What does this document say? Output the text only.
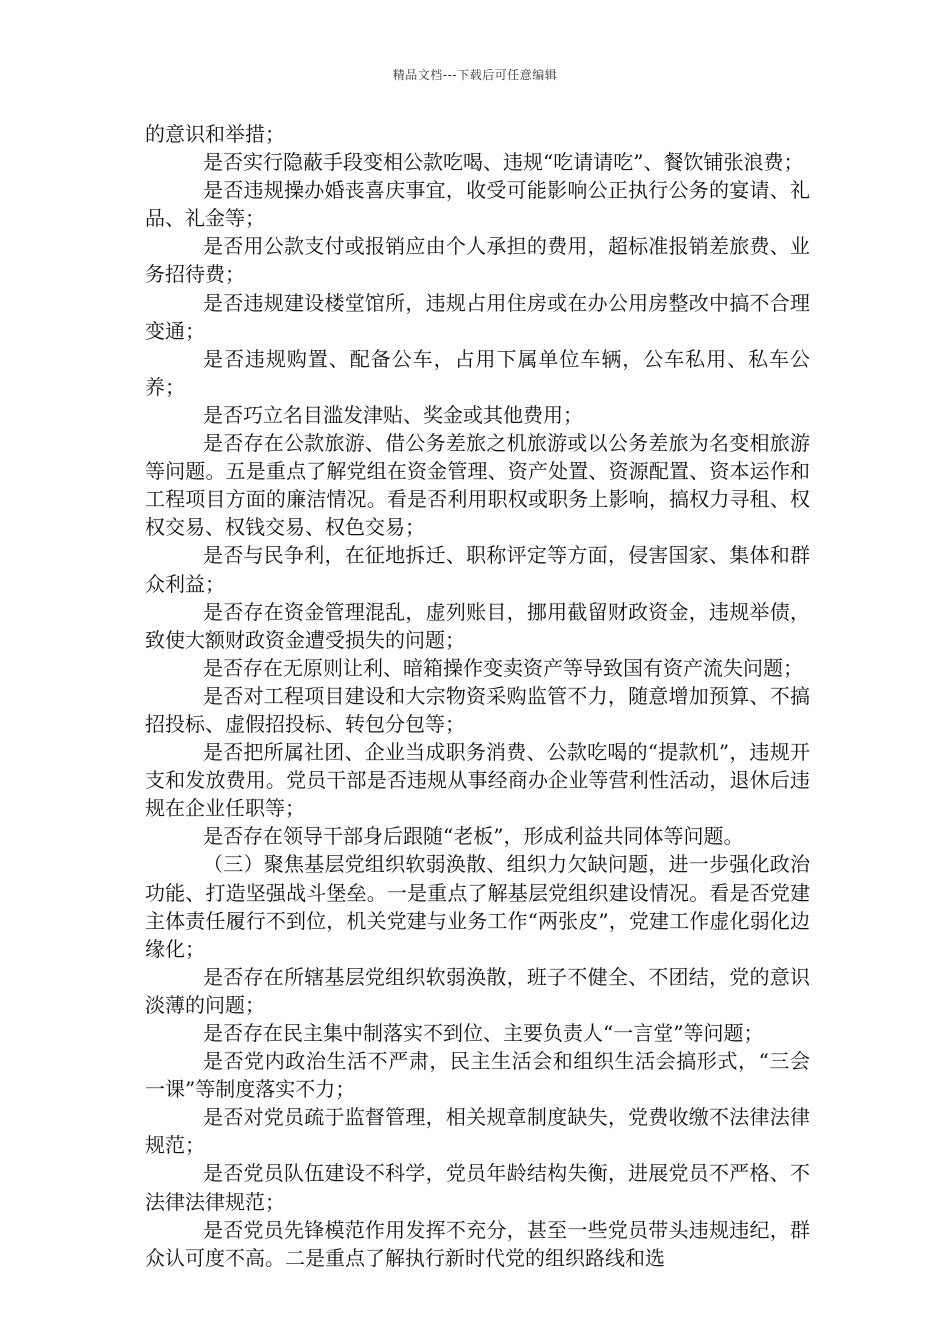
精品文档---下载后可任意编辑

的意识和举措；

是否实行隐蔽手段变相公款吃喝、违规“吃请请吃”、餐饮铺张浪费；

是否违规操办婚丧喜庆事宜，收受可能影响公正执行公务的宴请、礼品、礼金等；

是否用公款支付或报销应由个人承担的费用，超标准报销差旅费、业务招待费；

是否违规建设楼堂馆所，违规占用住房或在办公用房整改中搞不合理变通；

是否违规购置、配备公车，占用下属单位车辆，公车私用、私车公养；

是否巧立名目滥发津贴、奖金或其他费用；

是否存在公款旅游、借公务差旅之机旅游或以公务差旅为名变相旅游等问题。五是重点了解党组在资金管理、资产处置、资源配置、资本运作和工程项目方面的廉洁情况。看是否利用职权或职务上影响，搞权力寻租、权权交易、权钱交易、权色交易；

是否与民争利，在征地拆迁、职称评定等方面，侵害国家、集体和群众利益；

是否存在资金管理混乱，虚列账目，挪用截留财政资金，违规举债，致使大额财政资金遭受损失的问题；

是否存在无原则让利、暗箱操作变卖资产等导致国有资产流失问题；

是否对工程项目建设和大宗物资采购监管不力，随意增加预算、不搞招投标、虚假招投标、转包分包等；

是否把所属社团、企业当成职务消费、公款吃喝的“提款机”，违规开支和发放费用。党员干部是否违规从事经商办企业等营利性活动，退休后违规在企业任职等；

是否存在领导干部身后跟随“老板”，形成利益共同体等问题。

（三）聚焦基层党组织软弱涣散、组织力欠缺问题，进一步强化政治功能、打造坚强战斗堡垒。一是重点了解基层党组织建设情况。看是否党建主体责任履行不到位，机关党建与业务工作“两张皮”，党建工作虚化弱化边缘化；

是否存在所辖基层党组织软弱涣散，班子不健全、不团结，党的意识淡薄的问题；

是否存在民主集中制落实不到位、主要负责人“一言堂”等问题；

是否党内政治生活不严肃，民主生活会和组织生活会搞形式，“三会一课”等制度落实不力；

是否对党员疏于监督管理，相关规章制度缺失，党费收缴不法律法律规范；

是否党员队伍建设不科学，党员年龄结构失衡，进展党员不严格、不法律法律规范；

是否党员先锋模范作用发挥不充分，甚至一些党员带头违规违纪，群众认可度不高。二是重点了解执行新时代党的组织路线和选
